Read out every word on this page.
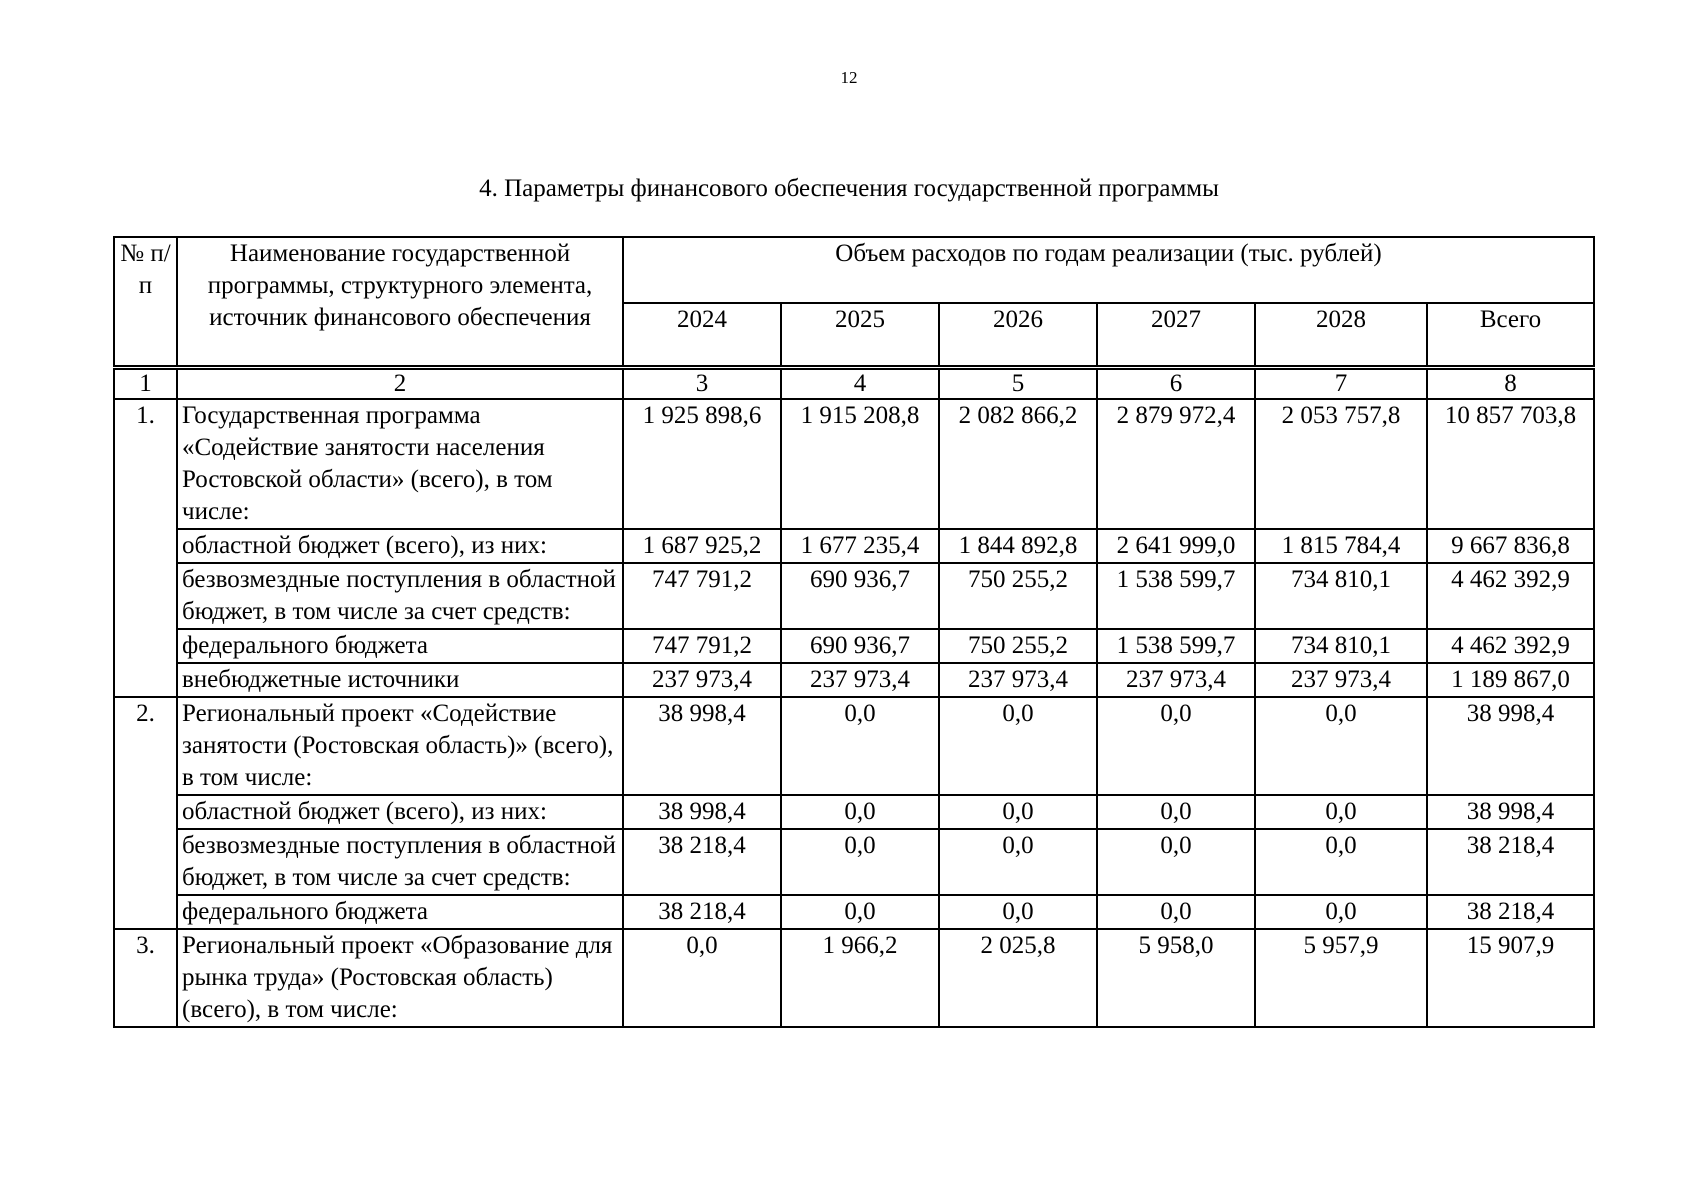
12
4. Параметры финансового обеспечения государственной программы
№ п/п	Наименование государственной программы, структурного элемента, источник финансового обеспечения	Объем расходов по годам реализации (тыс. рублей)					
		2024	2025	2026	2027	2028	Всего
1	2	3	4	5	6	7	8
1.	Государственная программа «Содействие занятости населения Ростовской области» (всего), в том числе:	1 925 898,6	1 915 208,8	2 082 866,2	2 879 972,4	2 053 757,8	10 857 703,8
	областной бюджет (всего), из них:	1 687 925,2	1 677 235,4	1 844 892,8	2 641 999,0	1 815 784,4	9 667 836,8
	безвозмездные поступления в областной бюджет, в том числе за счет средств:	747 791,2	690 936,7	750 255,2	1 538 599,7	734 810,1	4 462 392,9
	федерального бюджета	747 791,2	690 936,7	750 255,2	1 538 599,7	734 810,1	4 462 392,9
	внебюджетные источники	237 973,4	237 973,4	237 973,4	237 973,4	237 973,4	1 189 867,0
2.	Региональный проект «Содействие занятости (Ростовская область)» (всего), в том числе:	38 998,4	0,0	0,0	0,0	0,0	38 998,4
	областной бюджет (всего), из них:	38 998,4	0,0	0,0	0,0	0,0	38 998,4
	безвозмездные поступления в областной бюджет, в том числе за счет средств:	38 218,4	0,0	0,0	0,0	0,0	38 218,4
	федерального бюджета	38 218,4	0,0	0,0	0,0	0,0	38 218,4
3.	Региональный проект «Образование для рынка труда» (Ростовская область) (всего), в том числе:	0,0	1 966,2	2 025,8	5 958,0	5 957,9	15 907,9
